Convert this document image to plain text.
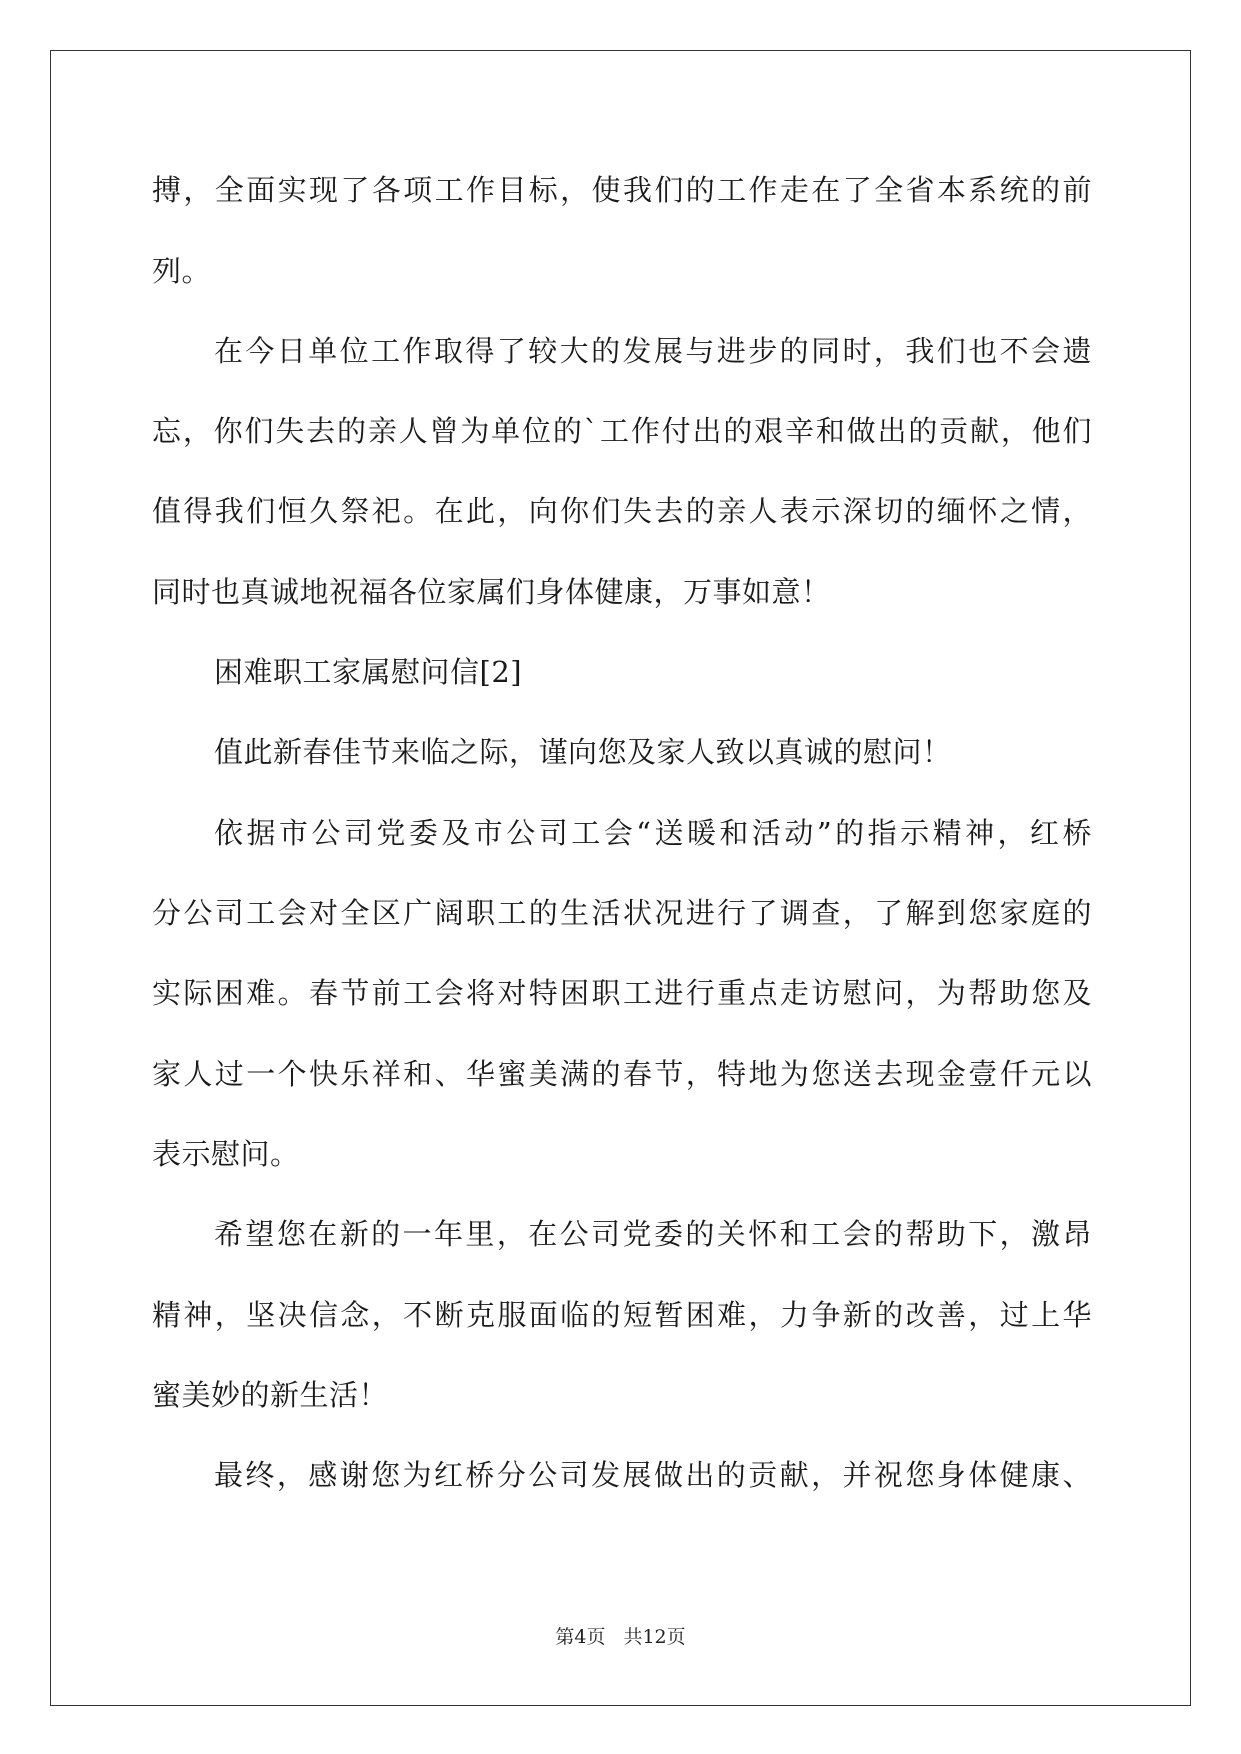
搏，全面实现了各项工作目标，使我们的工作走在了全省本系统的前
列。
在今日单位工作取得了较大的发展与进步的同时，我们也不会遗
忘，你们失去的亲人曾为单位的`工作付出的艰辛和做出的贡献，他们
值得我们恒久祭祀。在此，向你们失去的亲人表示深切的缅怀之情，
同时也真诚地祝福各位家属们身体健康，万事如意！
困难职工家属慰问信[2]
值此新春佳节来临之际，谨向您及家人致以真诚的慰问！
依据市公司党委及市公司工会“送暖和活动”的指示精神，红桥
分公司工会对全区广阔职工的生活状况进行了调查，了解到您家庭的
实际困难。春节前工会将对特困职工进行重点走访慰问，为帮助您及
家人过一个快乐祥和、华蜜美满的春节，特地为您送去现金壹仟元以
表示慰问。
希望您在新的一年里，在公司党委的关怀和工会的帮助下，激昂
精神，坚决信念，不断克服面临的短暂困难，力争新的改善，过上华
蜜美妙的新生活！
最终，感谢您为红桥分公司发展做出的贡献，并祝您身体健康、
第4页 共12页
